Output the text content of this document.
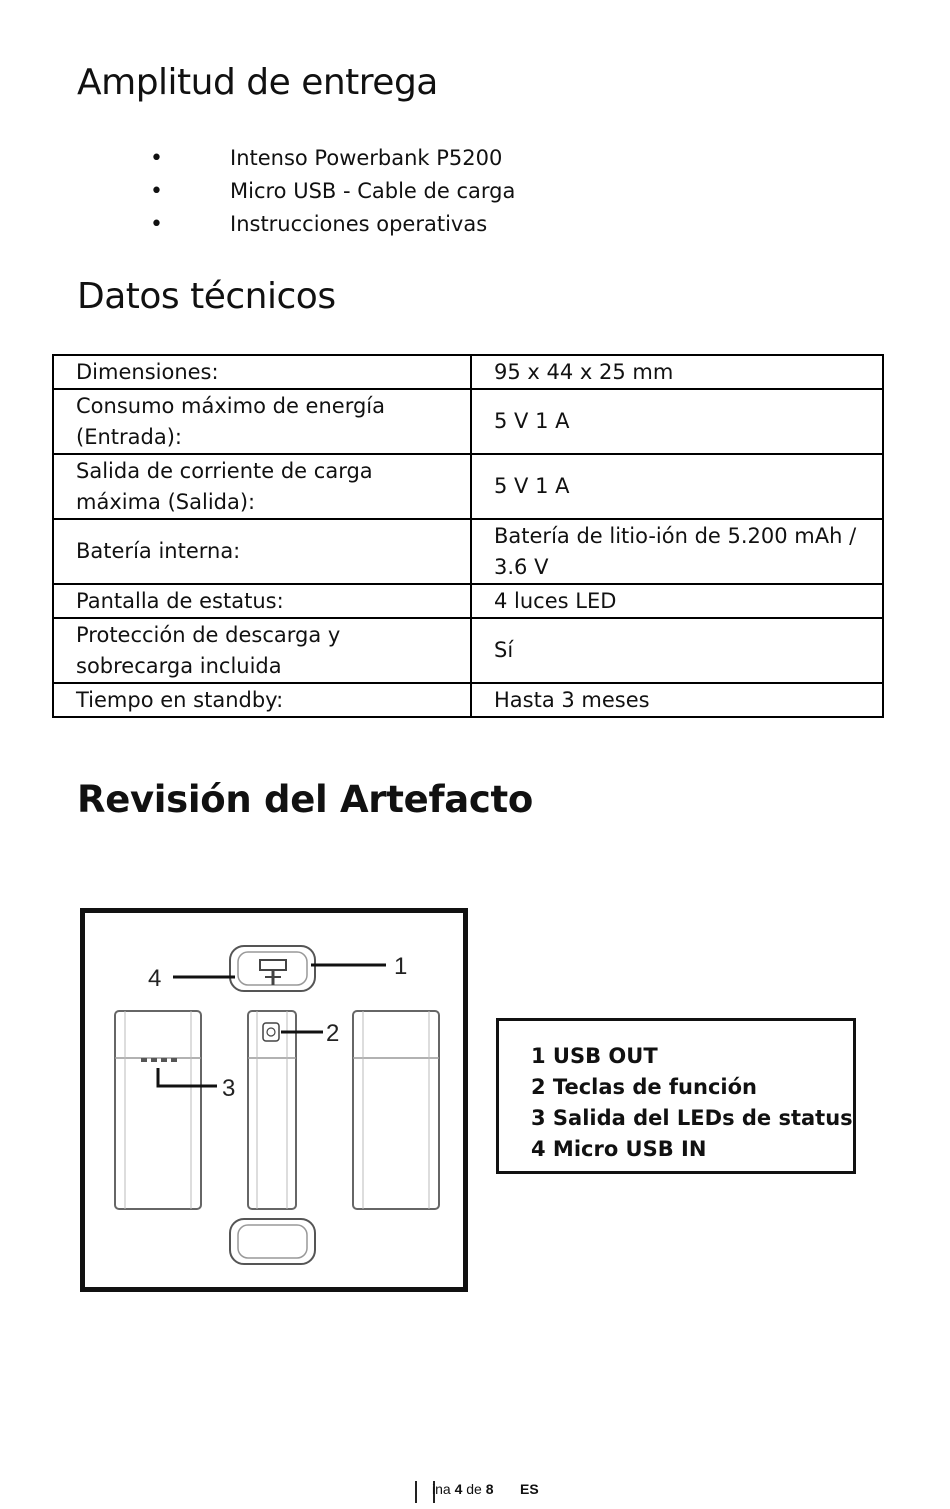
Amplitud de entrega
• Intenso Powerbank P5200
• Micro USB - Cable de carga
• Instrucciones operativas
Datos técnicos
Dimensiones:	95 x 44 x 25 mm
Consumo máximo de energía (Entrada):	5 V 1 A
Salida de corriente de carga máxima (Salida):	5 V 1 A
Batería interna:	Batería de litio-ión de 5.200 mAh / 3.6 V
Pantalla de estatus:	4 luces LED
Protección de descarga y sobrecarga incluida	Sí
Tiempo en standby:	Hasta 3 meses
Revisión del Artefacto
4	1
2
3
1 USB OUT
2 Teclas de función
3 Salida del LEDs de status
4 Micro USB IN
ina 4 de 8 ES
